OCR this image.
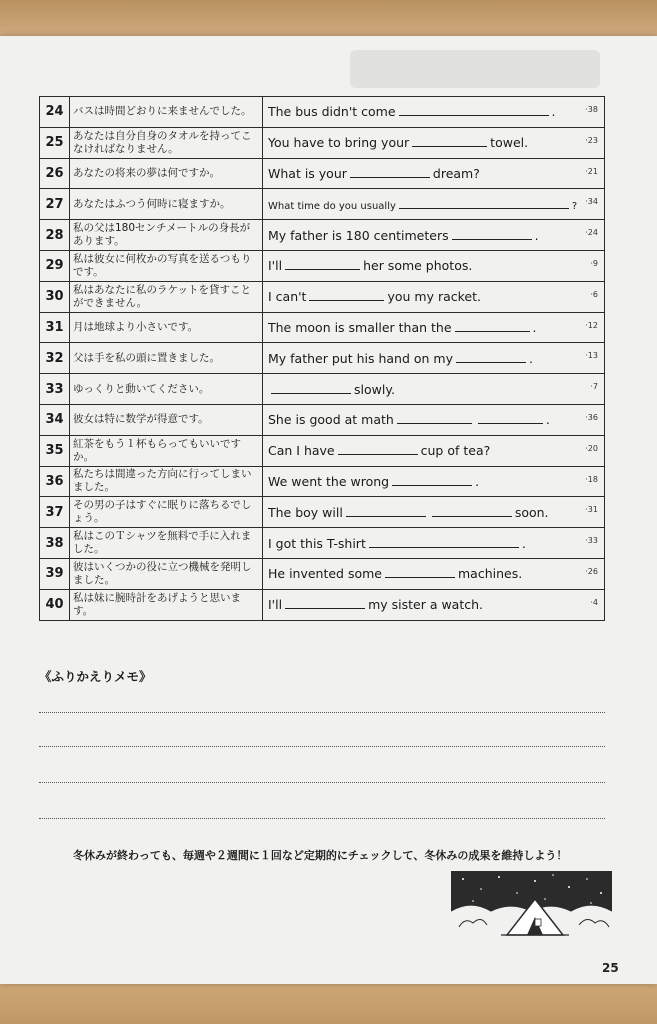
24	バスは時間どおりに来ませんでした。	The bus didn't come . ·38

25	あなたは自分自身のタオルを持ってこなければなりません。	You have to bring your towel. ·23

26	あなたの将来の夢は何ですか。	What is your dream? ·21

27	あなたはふつう何時に寝ますか。	What time do you usually ? ·34

28	私の父は180センチメートルの身長があります。	My father is 180 centimeters . ·24

29	私は彼女に何枚かの写真を送るつもりです。	I'll her some photos. ·9

30	私はあなたに私のラケットを貸すことができません。	I can't you my racket. ·6

31	月は地球より小さいです。	The moon is smaller than the . ·12

32	父は手を私の頭に置きました。	My father put his hand on my . ·13

33	ゆっくりと動いてください。	slowly. ·7

34	彼女は特に数学が得意です。	She is good at math . ·36

35	紅茶をもう１杯もらってもいいですか。	Can I have cup of tea? ·20

36	私たちは間違った方向に行ってしまいました。	We went the wrong . ·18

37	その男の子はすぐに眠りに落ちるでしょう。	The boy will soon. ·31

38	私はこのＴシャツを無料で手に入れました。	I got this T-shirt . ·33

39	彼はいくつかの役に立つ機械を発明しました。	He invented some machines. ·26

40	私は妹に腕時計をあげようと思います。	I'll my sister a watch. ·4
《ふりかえりメモ》
冬休みが終わっても、毎週や２週間に１回など定期的にチェックして、冬休みの成果を維持しよう！
25
